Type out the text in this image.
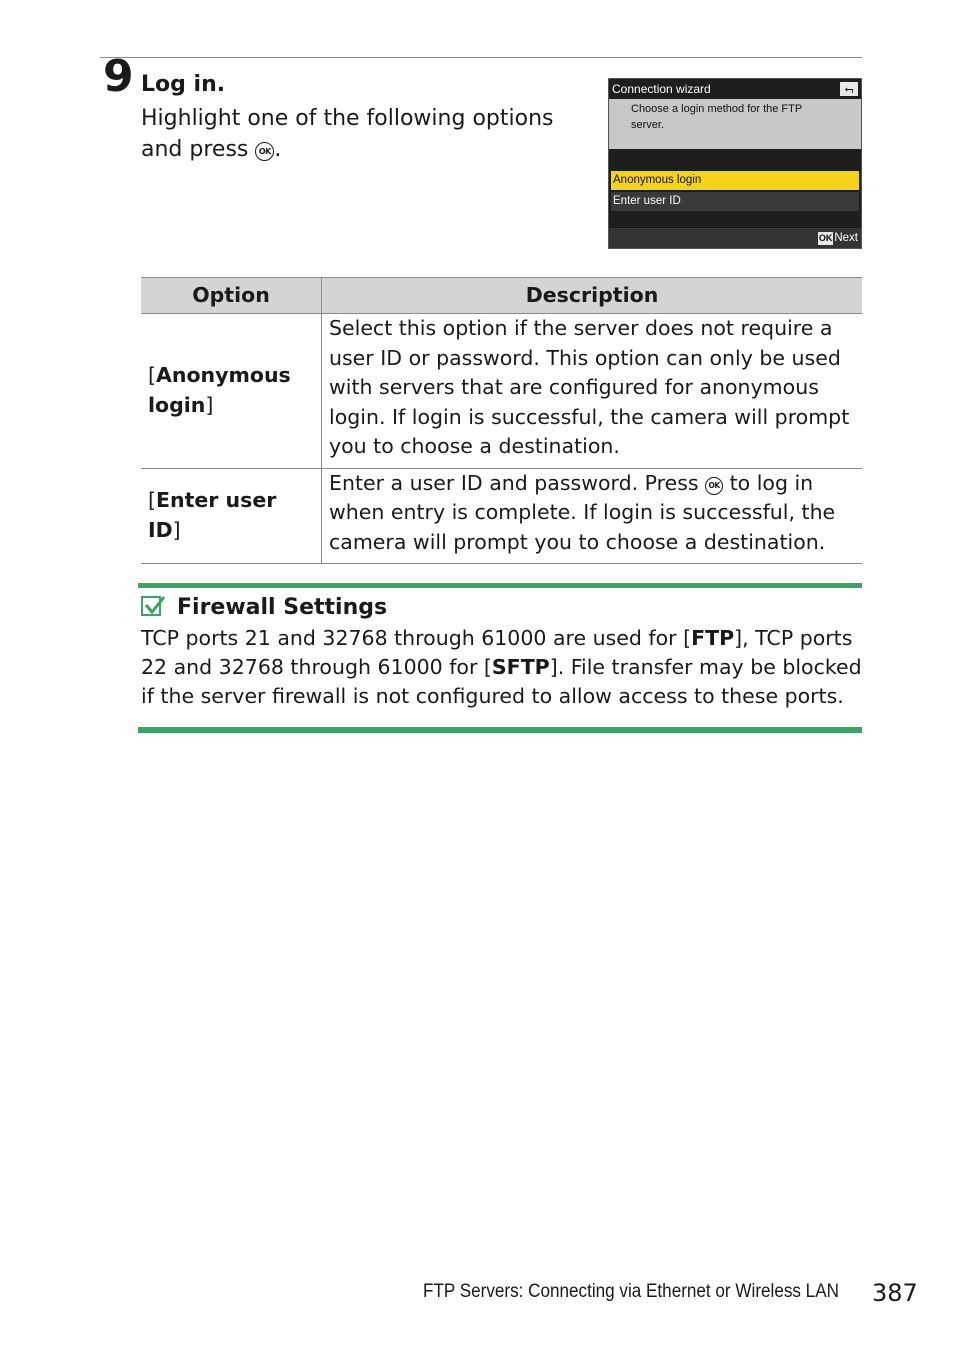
9 Log in.
Highlight one of the following options and press OK .
Connection wizard	⮢
Choose a login method for the FTP server.
Anonymous login
Enter user ID
OK Next
Option	Description
[Anonymous login]	Select this option if the server does not require a user ID or password. This option can only be used with servers that are configured for anonymous login. If login is successful, the camera will prompt you to choose a destination.
[Enter user ID]	Enter a user ID and password. Press OK to log in when entry is complete. If login is successful, the camera will prompt you to choose a destination.
Firewall Settings
TCP ports 21 and 32768 through 61000 are used for [FTP], TCP ports 22 and 32768 through 61000 for [SFTP]. File transfer may be blocked if the server firewall is not configured to allow access to these ports.
FTP Servers: Connecting via Ethernet or Wireless LAN 387
